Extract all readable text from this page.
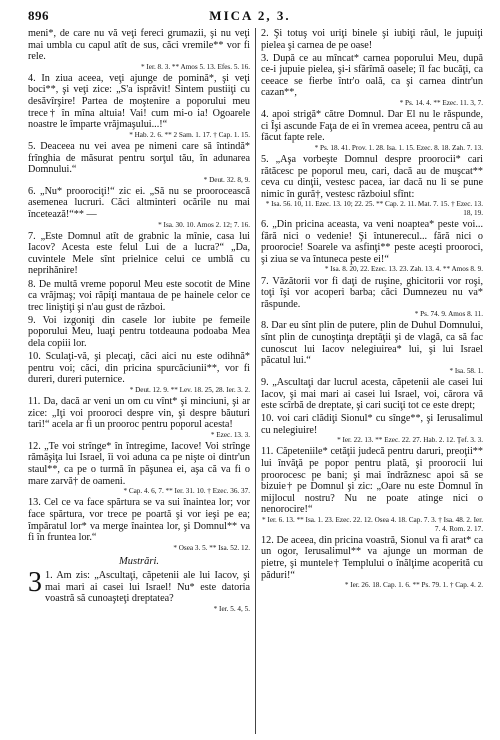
896	MICA 2, 3.
meni*, de care nu vă veţi fereci grumazii, şi nu veţi mai umbla cu capul atît de sus, căci vremile** vor fi rele.
* Ier. 8. 3. ** Amos 5. 13. Efes. 5. 16.
4. In ziua aceea, veţi ajunge de pomină*, şi veţi boci**, şi veţi zice: „S'a isprăvit! Sintem pustiiţi cu desăvîrşire! Partea de moştenire a poporului meu trece† în mîna altuia! Vai! cum mi-o ia! Ogoarele noastre le împarte vrăjmaşului...!“
* Hab. 2. 6. ** 2 Sam. 1. 17. † Cap. 1. 15.
5. Deaceea nu vei avea pe nimeni care să întindă* frînghia de măsurat pentru sorţul tău, în adunarea Domnului.“
* Deut. 32. 8, 9.
6. „Nu* proorociţi!“ zic ei. „Să nu se proorocească asemenea lucruri. Căci altminteri ocările nu mai încetează!“** —
* Isa. 30. 10. Amos 2. 12; 7. 16.
7. „Este Domnul atît de grabnic la mînie, casa lui Iacov? Acesta este felul Lui de a lucra?“ „Da, cuvintele Mele sînt prielnice celui ce umblă cu neprihănire!
8. De multă vreme poporul Meu este socotit de Mine ca vrăjmaş; voi răpiţi mantaua de pe hainele celor ce trec liniştiţi şi n'au gust de război.
9. Voi izgoniţi din casele lor iubite pe femeile poporului Meu, luaţi pentru totdeauna podoaba Mea dela copiii lor.
10. Sculaţi-vă, şi plecaţi, căci aici nu este odihnă* pentru voi; căci, din pricina spurcăciunii**, vor fi dureri, dureri puternice.
* Deut. 12. 9. ** Lev. 18. 25, 28. Ier. 3. 2.
11. Da, dacă ar veni un om cu vînt* şi minciuni, şi ar zice: „Iţi voi prooroci despre vin, şi despre băuturi tari!“ acela ar fi un prooroc pentru poporul acesta!
* Ezec. 13. 3.
12. „Te voi strînge* în întregime, Iacove! Voi strînge rămăşiţa lui Israel, îi voi aduna ca pe nişte oi dintr'un staul**, ca pe o turmă în păşunea ei, aşa că va fi o mare zarvă† de oameni.
* Cap. 4. 6, 7. ** Ier. 31. 10. † Ezec. 36. 37.
13. Cel ce va face spărtura se va sui înaintea lor; vor face spărtura, vor trece pe poartă şi vor ieşi pe ea; împăratul lor* va merge înaintea lor, şi Domnul** va fi în fruntea lor.“
* Osea 3. 5. ** Isa. 52. 12.
Mustrări.
3 1. Am zis: „Ascultaţi, căpetenii ale lui Iacov, şi mai mari ai casei lui Israel! Nu* este datoria voastră să cunoaşteţi dreptatea?
* Ier. 5. 4, 5.
2. Şi totuş voi uriţi binele şi iubiţi răul, le jupuiţi pielea şi carnea de pe oase!
3. După ce au mîncat* carnea poporului Meu, după ce-i jupuie pielea, şi-i sfărîmă oasele; îl fac bucăţi, ca ceeace se fierbe într'o oală, ca şi carnea dintr'un cazan**,
* Ps. 14. 4. ** Ezec. 11. 3, 7.
4. apoi strigă* către Domnul. Dar El nu le răspunde, ci Îşi ascunde Faţa de ei în vremea aceea, pentru că au făcut fapte rele.
* Ps. 18. 41. Prov. 1. 28. Isa. 1. 15. Ezec. 8. 18. Zah. 7. 13.
5. „Aşa vorbeşte Domnul despre proorocii* cari rătăcesc pe poporul meu, cari, dacă au de muşcat** ceva cu dinţii, vestesc pacea, iar dacă nu li se pune nimic în gură†, vestesc războiul sfînt:
* Isa. 56. 10, 11. Ezec. 13. 10; 22. 25. ** Cap. 2. 11. Mat. 7. 15. † Ezec. 13. 18, 19.
6. „Din pricina aceasta, va veni noaptea* peste voi... fără nici o vedenie! Şi întunerecul... fără nici o proorocie! Soarele va asfinţi** peste aceşti prooroci, şi ziua se va întuneca peste ei!“
* Isa. 8. 20, 22. Ezec. 13. 23. Zah. 13. 4. ** Amos 8. 9.
7. Văzătorii vor fi daţi de ruşine, ghicitorii vor roşi, toţi îşi vor acoperi barba; căci Dumnezeu nu va* răspunde.
* Ps. 74. 9. Amos 8. 11.
8. Dar eu sînt plin de putere, plin de Duhul Domnului, sînt plin de cunoştinţa dreptăţii şi de vlagă, ca să fac cunoscut lui Iacov nelegiuirea* lui, şi lui Israel păcatul lui.“
* Isa. 58. 1.
9. „Ascultaţi dar lucrul acesta, căpetenii ale casei lui Iacov, şi mai mari ai casei lui Israel, voi, cărora vă este scîrbă de dreptate, şi cari suciţi tot ce este drept;
10. voi cari clădiţi Sionul* cu sînge**, şi Ierusalimul cu nelegiuire!
* Ier. 22. 13. ** Ezec. 22. 27. Hab. 2. 12. Ţef. 3. 3.
11. Căpeteniile* cetăţii judecă pentru daruri, preoţii** lui învăţă pe popor pentru plată, şi proorocii lui proorocesc pe bani; şi mai îndrăznesc apoi să se bizuie† pe Domnul şi zic: „Oare nu este Domnul în mijlocul nostru? Nu ne poate atinge nici o nenorocire!“
* Ier. 6. 13. ** Isa. 1. 23. Ezec. 22. 12. Osea 4. 18. Cap. 7. 3. † Isa. 48. 2. Ier. 7. 4. Rom. 2. 17.
12. De aceea, din pricina voastră, Sionul va fi arat* ca un ogor, Ierusalimul** va ajunge un morman de pietre, şi muntele† Templului o înălţime acoperită cu păduri!“
* Ier. 26. 18. Cap. 1. 6. ** Ps. 79. 1. † Cap. 4. 2.
